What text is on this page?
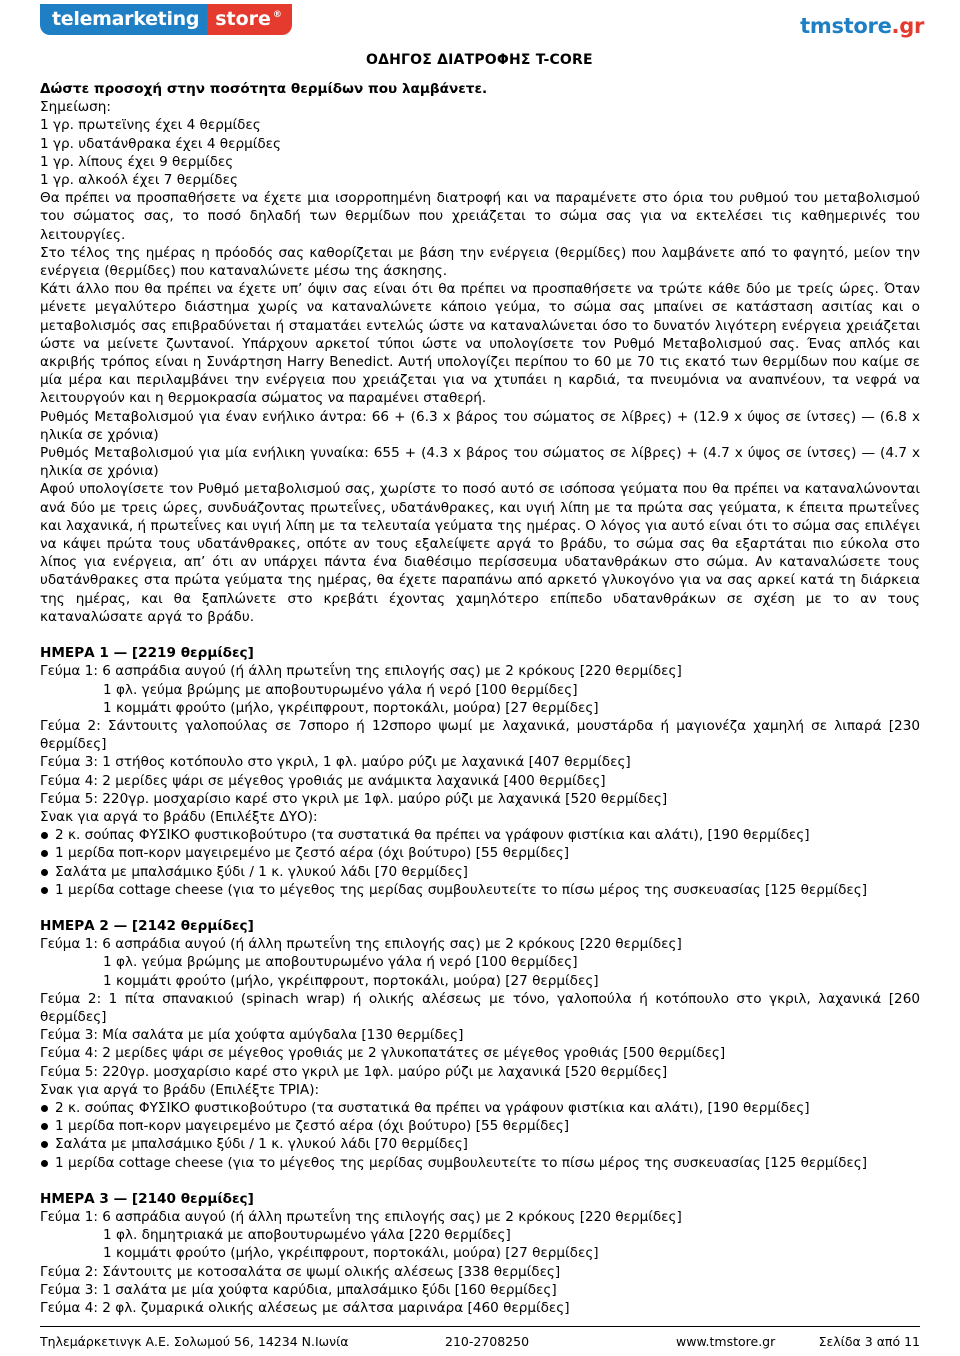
telemarketing store ®	tmstore.gr
ΟΔΗΓΟΣ ΔΙΑΤΡΟΦΗΣ T-CORE

Δώστε προσοχή στην ποσότητα θερμίδων που λαμβάνετε.

Σημείωση:

1 γρ. πρωτεϊνης έχει 4 θερμίδες

1 γρ. υδατάνθρακα έχει 4 θερμίδες

1 γρ. λίπους έχει 9 θερμίδες

1 γρ. αλκοόλ έχει 7 θερμίδες

Θα πρέπει να προσπαθήσετε να έχετε μια ισορροπημένη διατροφή και να παραμένετε στο όρια του ρυθμού του μεταβολισμού του σώματος σας, το ποσό δηλαδή των θερμίδων που χρειάζεται το σώμα σας για να εκτελέσει τις καθημερινές του λειτουργίες.

Στο τέλος της ημέρας η πρόοδός σας καθορίζεται με βάση την ενέργεια (θερμίδες) που λαμβάνετε από το φαγητό, μείον την ενέργεια (θερμίδες) που καταναλώνετε μέσω της άσκησης.

Κάτι άλλο που θα πρέπει να έχετε υπ’ όψιν σας είναι ότι θα πρέπει να προσπαθήσετε να τρώτε κάθε δύο με τρείς ώρες. Όταν μένετε μεγαλύτερο διάστημα χωρίς να καταναλώνετε κάποιο γεύμα, το σώμα σας μπαίνει σε κατάσταση ασιτίας και ο μεταβολισμός σας επιβραδύνεται ή σταματάει εντελώς ώστε να καταναλώνεται όσο το δυνατόν λιγότερη ενέργεια χρειάζεται ώστε να μείνετε ζωντανοί. Υπάρχουν αρκετοί τύποι ώστε να υπολογίσετε τον Ρυθμό Μεταβολισμού σας. Ένας απλός και ακριβής τρόπος είναι η Συνάρτηση Harry Benedict. Αυτή υπολογίζει περίπου το 60 με 70 τις εκατό των θερμίδων που καίμε σε μία μέρα και περιλαμβάνει την ενέργεια που χρειάζεται για να χτυπάει η καρδιά, τα πνευμόνια να αναπνέουν, τα νεφρά να λειτουργούν και η θερμοκρασία σώματος να παραμένει σταθερή.

Ρυθμός Μεταβολισμού για έναν ενήλικο άντρα: 66 + (6.3 x βάρος του σώματος σε λίβρες) + (12.9 x ύψος σε ίντσες) — (6.8 x ηλικία σε χρόνια)

Ρυθμός Μεταβολισμού για μία ενήλικη γυναίκα: 655 + (4.3 x βάρος του σώματος σε λίβρες) + (4.7 x ύψος σε ίντσες) — (4.7 x ηλικία σε χρόνια)

Αφού υπολογίσετε τον Ρυθμό μεταβολισμού σας, χωρίστε το ποσό αυτό σε ισόποσα γεύματα που θα πρέπει να καταναλώνονται ανά δύο με τρεις ώρες, συνδυάζοντας πρωτεΐνες, υδατάνθρακες, και υγιή λίπη με τα πρώτα σας γεύματα, κ έπειτα πρωτεΐνες και λαχανικά, ή πρωτεΐνες και υγιή λίπη με τα τελευταία γεύματα της ημέρας. Ο λόγος για αυτό είναι ότι το σώμα σας επιλέγει να κάψει πρώτα τους υδατάνθρακες, οπότε αν τους εξαλείψετε αργά το βράδυ, το σώμα σας θα εξαρτάται πιο εύκολα στο λίπος για ενέργεια, απ’ ότι αν υπάρχει πάντα ένα διαθέσιμο περίσσευμα υδατανθράκων στο σώμα. Αν καταναλώσετε τους υδατάνθρακες στα πρώτα γεύματα της ημέρας, θα έχετε παραπάνω από αρκετό γλυκογόνο για να σας αρκεί κατά τη διάρκεια της ημέρας, και θα ξαπλώνετε στο κρεβάτι έχοντας χαμηλότερο επίπεδο υδατανθράκων σε σχέση με το αν τους καταναλώσατε αργά το βράδυ.

ΗΜΕΡΑ 1 — [2219 θερμίδες]

Γεύμα 1: 6 ασπράδια αυγού (ή άλλη πρωτεΐνη της επιλογής σας) με 2 κρόκους [220 θερμίδες]

1 φλ. γεύμα βρώμης με αποβουτυρωμένο γάλα ή νερό [100 θερμίδες]

1 κομμάτι φρούτο (μήλο, γκρέιπφρουτ, πορτοκάλι, μούρα) [27 θερμίδες]

Γεύμα 2: Σάντουιτς γαλοπούλας σε 7σπορο ή 12σπορο ψωμί με λαχανικά, μουστάρδα ή μαγιονέζα χαμηλή σε λιπαρά [230 θερμίδες]

Γεύμα 3: 1 στήθος κοτόπουλο στο γκριλ, 1 φλ. μαύρο ρύζι με λαχανικά [407 θερμίδες]

Γεύμα 4: 2 μερίδες ψάρι σε μέγεθος γροθιάς με ανάμικτα λαχανικά [400 θερμίδες]

Γεύμα 5: 220γρ. μοσχαρίσιο καρέ στο γκριλ με 1φλ. μαύρο ρύζι με λαχανικά [520 θερμίδες]

Σνακ για αργά το βράδυ (Επιλέξτε ΔΥΟ):

2 κ. σούπας ΦΥΣΙΚΟ φυστικοβούτυρο (τα συστατικά θα πρέπει να γράφουν φιστίκια και αλάτι), [190 θερμίδες]
1 μερίδα ποπ-κορν μαγειρεμένο με ζεστό αέρα (όχι βούτυρο) [55 θερμίδες]
Σαλάτα με μπαλσάμικο ξύδι / 1 κ. γλυκού λάδι [70 θερμίδες]
1 μερίδα cottage cheese (για το μέγεθος της μερίδας συμβουλευτείτε το πίσω μέρος της συσκευασίας [125 θερμίδες]

ΗΜΕΡΑ 2 — [2142 θερμίδες]

Γεύμα 1: 6 ασπράδια αυγού (ή άλλη πρωτεΐνη της επιλογής σας) με 2 κρόκους [220 θερμίδες]

1 φλ. γεύμα βρώμης με αποβουτυρωμένο γάλα ή νερό [100 θερμίδες]

1 κομμάτι φρούτο (μήλο, γκρέιπφρουτ, πορτοκάλι, μούρα) [27 θερμίδες]

Γεύμα 2: 1 πίτα σπανακιού (spinach wrap) ή ολικής αλέσεως με τόνο, γαλοπούλα ή κοτόπουλο στο γκριλ, λαχανικά [260 θερμίδες]

Γεύμα 3: Μία σαλάτα με μία χούφτα αμύγδαλα [130 θερμίδες]

Γεύμα 4: 2 μερίδες ψάρι σε μέγεθος γροθιάς με 2 γλυκοπατάτες σε μέγεθος γροθιάς [500 θερμίδες]

Γεύμα 5: 220γρ. μοσχαρίσιο καρέ στο γκριλ με 1φλ. μαύρο ρύζι με λαχανικά [520 θερμίδες]

Σνακ για αργά το βράδυ (Επιλέξτε ΤΡΙΑ):

2 κ. σούπας ΦΥΣΙΚΟ φυστικοβούτυρο (τα συστατικά θα πρέπει να γράφουν φιστίκια και αλάτι), [190 θερμίδες]
1 μερίδα ποπ-κορν μαγειρεμένο με ζεστό αέρα (όχι βούτυρο) [55 θερμίδες]
Σαλάτα με μπαλσάμικο ξύδι / 1 κ. γλυκού λάδι [70 θερμίδες]
1 μερίδα cottage cheese (για το μέγεθος της μερίδας συμβουλευτείτε το πίσω μέρος της συσκευασίας [125 θερμίδες]

ΗΜΕΡΑ 3 — [2140 θερμίδες]

Γεύμα 1: 6 ασπράδια αυγού (ή άλλη πρωτεΐνη της επιλογής σας) με 2 κρόκους [220 θερμίδες]

1 φλ. δημητριακά με αποβουτυρωμένο γάλα [220 θερμίδες]

1 κομμάτι φρούτο (μήλο, γκρέιπφρουτ, πορτοκάλι, μούρα) [27 θερμίδες]

Γεύμα 2: Σάντουιτς με κοτοσαλάτα σε ψωμί ολικής αλέσεως [338 θερμίδες]

Γεύμα 3: 1 σαλάτα με μία χούφτα καρύδια, μπαλσάμικο ξύδι [160 θερμίδες]

Γεύμα 4: 2 φλ. ζυμαρικά ολικής αλέσεως με σάλτσα μαρινάρα [460 θερμίδες]

Τηλεμάρκετινγκ Α.Ε. Σολωμού 56, 14234 Ν.Ιωνία	210-2708250	www.tmstore.gr	Σελίδα 3 από 11
